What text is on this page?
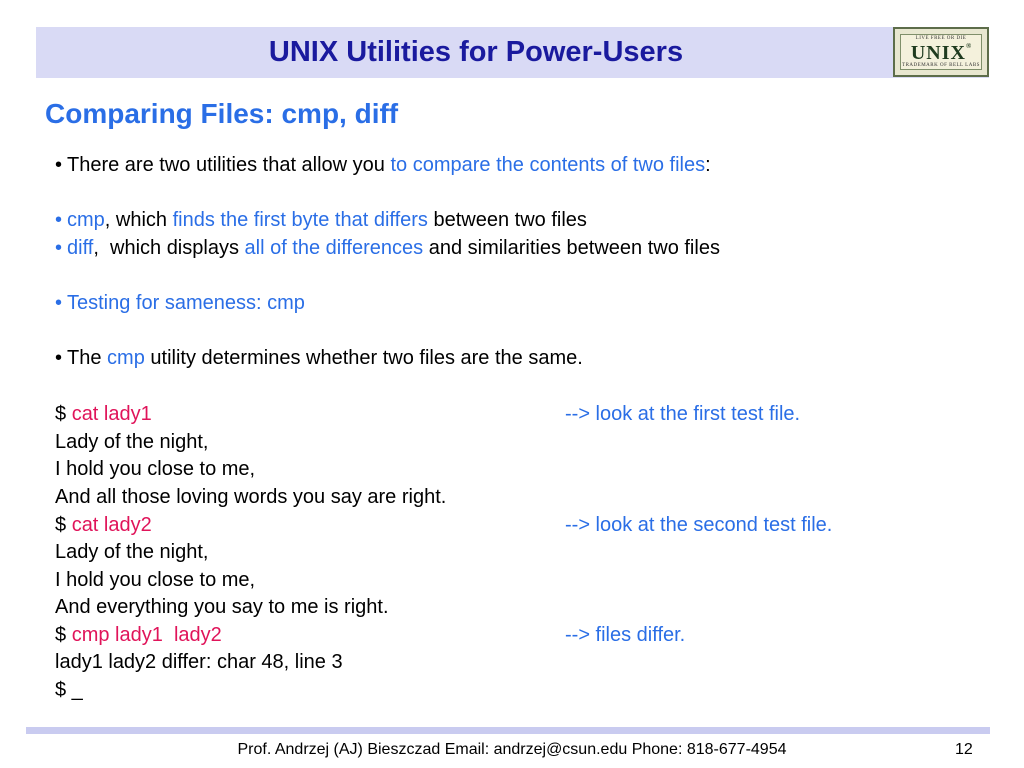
UNIX Utilities for Power-Users	LIVE FREE OR DIE
UNIX®
TRADEMARK OF BELL LABS
Comparing Files: cmp, diff
• There are two utilities that allow you to compare the contents of two files:
• cmp, which finds the first byte that differs between two files
• diff,  which displays all of the differences and similarities between two files
• Testing for sameness: cmp
• The cmp utility determines whether two files are the same.
$ cat lady1	--> look at the first test file.
Lady of the night,
I hold you close to me,
And all those loving words you say are right.
$ cat lady2	--> look at the second test file.
Lady of the night,
I hold you close to me,
And everything you say to me is right.
$ cmp lady1  lady2	--> files differ.
lady1 lady2 differ: char 48, line 3
$ _
Prof. Andrzej (AJ) Bieszczad Email: andrzej@csun.edu Phone: 818-677-4954	12
